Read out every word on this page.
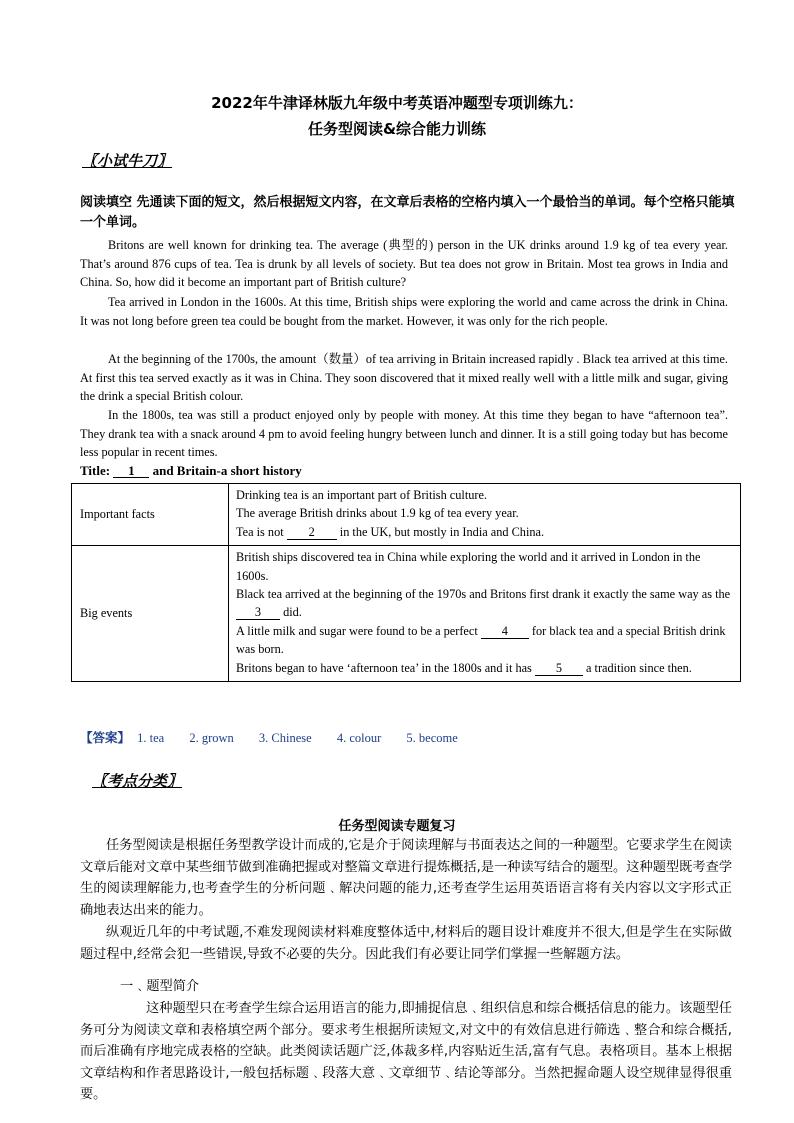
2022年牛津译林版九年级中考英语冲题型专项训练九：
任务型阅读&综合能力训练
〖小试牛刀〗
阅读填空 先通读下面的短文，然后根据短文内容，在文章后表格的空格内填入一个最恰当的单词。每个空格只能填一个单词。
Britons are well known for drinking tea. The average (典型的) person in the UK drinks around 1.9 kg of tea every year. That’s around 876 cups of tea. Tea is drunk by all levels of society. But tea does not grow in Britain. Most tea grows in India and China. So, how did it become an important part of British culture?
Tea arrived in London in the 1600s. At this time, British ships were exploring the world and came across the drink in China. It was not long before green tea could be bought from the market. However, it was only for the rich people.
At the beginning of the 1700s, the amount（数量）of tea arriving in Britain increased rapidly . Black tea arrived at this time. At first this tea served exactly as it was in China. They soon discovered that it mixed really well with a little milk and sugar, giving the drink a special British colour.
In the 1800s, tea was still a product enjoyed only by people with money. At this time they began to have “afternoon tea”. They drank tea with a snack around 4 pm to avoid feeling hungry between lunch and dinner. It is a still going today but has become less popular in recent times.
Title: 1 and Britain-a short history
Important facts	Drinking tea is an important part of British culture.
The average British drinks about 1.9 kg of tea every year.
Tea is not 2 in the UK, but mostly in India and China.

Big events	British ships discovered tea in China while exploring the world and it arrived in London in the 1600s.
Black tea arrived at the beginning of the 1970s and Britons first drank it exactly the same way as the 3 did.
A little milk and sugar were found to be a perfect 4 for black tea and a special British drink was born.
Britons began to have ‘afternoon tea’ in the 1800s and it has 5 a tradition since then.
【答案】 1. tea 2. grown 3. Chinese 4. colour 5. become
〖考点分类〗
任务型阅读专题复习
任务型阅读是根据任务型教学设计而成的,它是介于阅读理解与书面表达之间的一种题型。它要求学生在阅读文章后能对文章中某些细节做到准确把握或对整篇文章进行提炼概括,是一种读写结合的题型。这种题型既考查学生的阅读理解能力,也考查学生的分析问题﹑解决问题的能力,还考查学生运用英语语言将有关内容以文字形式正确地表达出来的能力。
纵观近几年的中考试题,不难发现阅读材料难度整体适中,材料后的题目设计难度并不很大,但是学生在实际做题过程中,经常会犯一些错误,导致不必要的失分。因此我们有必要让同学们掌握一些解题方法。
一﹑题型简介
这种题型只在考查学生综合运用语言的能力,即捕捉信息﹑组织信息和综合概括信息的能力。该题型任务可分为阅读文章和表格填空两个部分。要求考生根据所读短文,对文中的有效信息进行筛选﹑整合和综合概括,而后准确有序地完成表格的空缺。此类阅读话题广泛,体裁多样,内容贴近生活,富有气息。表格项目。基本上根据文章结构和作者思路设计,一般包括标题﹑段落大意﹑文章细节﹑结论等部分。当然把握命题人设空规律显得很重要。
